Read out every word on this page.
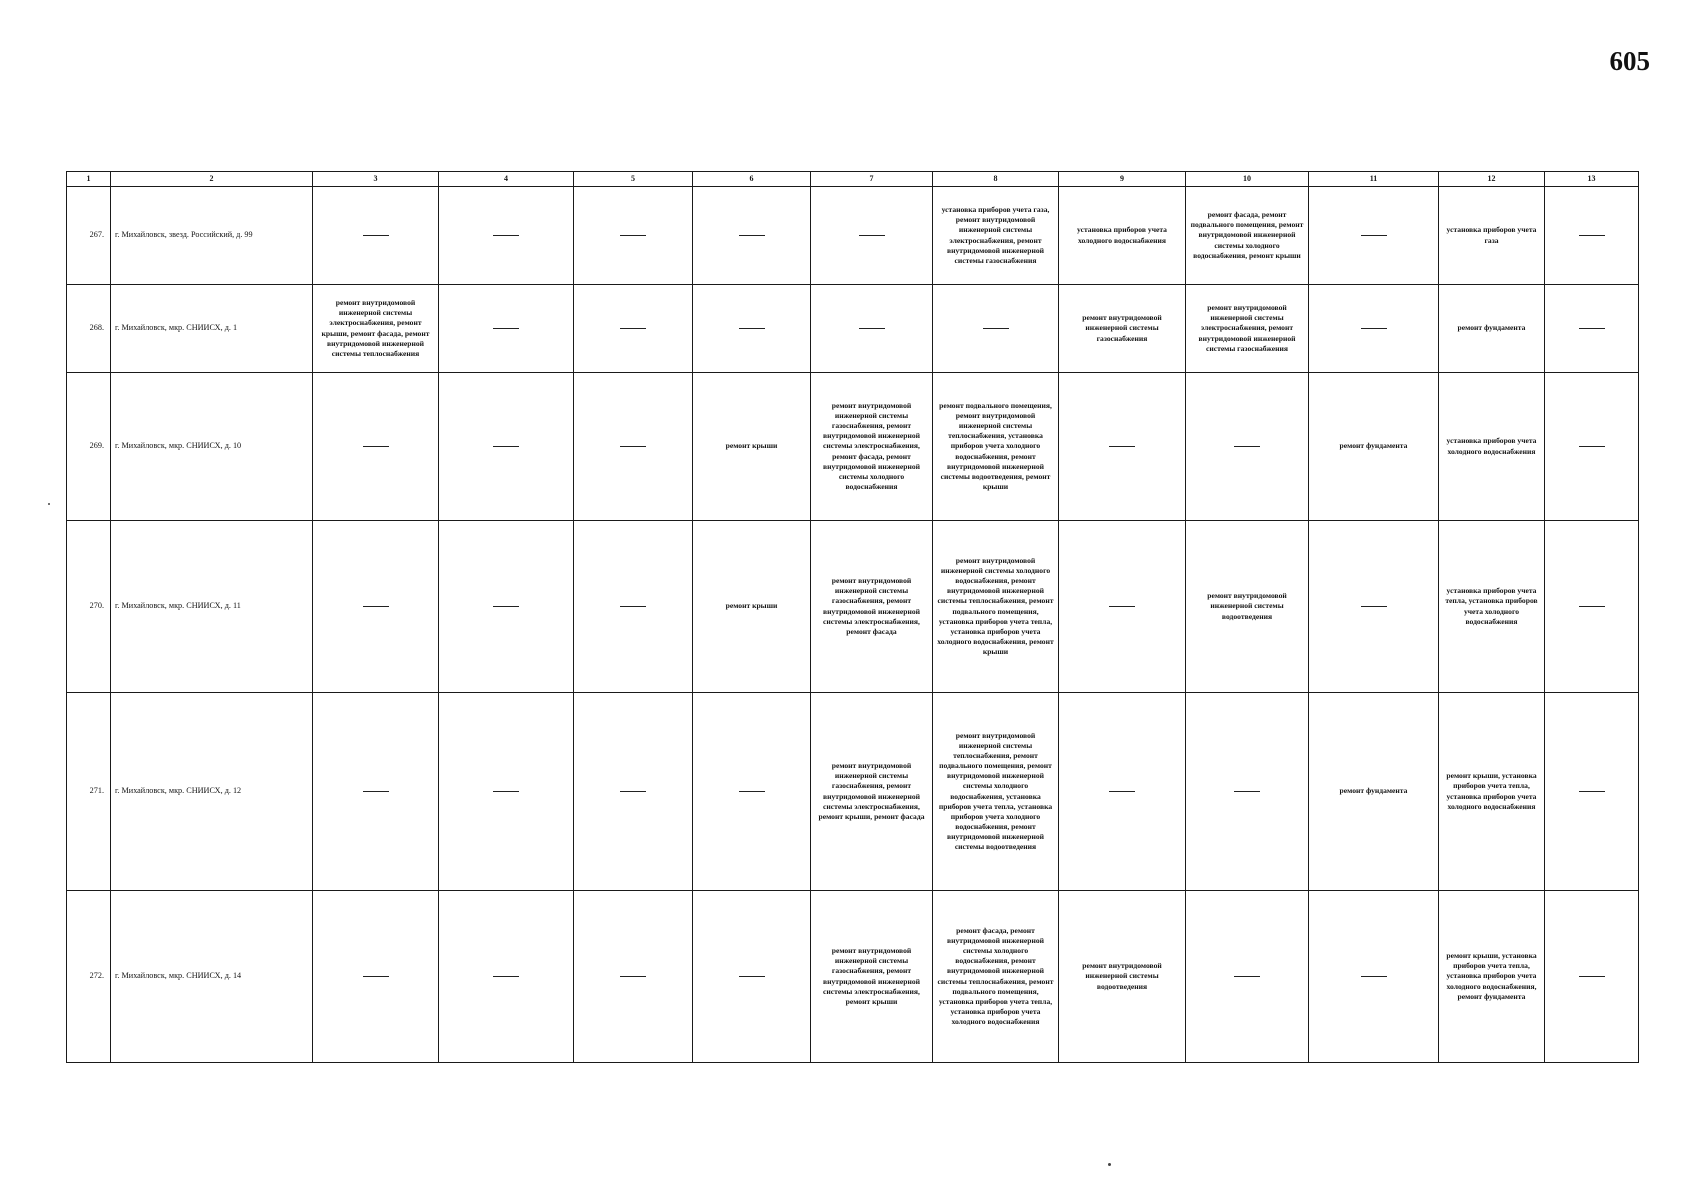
605
1	2	3	4	5	6	7	8	9	10	11	12	13
267.	г. Михайловск, звезд. Российский, д. 99						установка приборов учета газа, ремонт внутридомовой инженерной системы электроснабжения, ремонт внутридомовой инженерной системы газоснабжения	установка приборов учета холодного водоснабжения	ремонт фасада, ремонт подвального помещения, ремонт внутридомовой инженерной системы холодного водоснабжения, ремонт крыши		установка приборов учета газа	
268.	г. Михайловск, мкр. СНИИСХ, д. 1	ремонт внутридомовой инженерной системы электроснабжения, ремонт крыши, ремонт фасада, ремонт внутридомовой инженерной системы теплоснабжения						ремонт внутридомовой инженерной системы газоснабжения	ремонт внутридомовой инженерной системы электроснабжения, ремонт внутридомовой инженерной системы газоснабжения		ремонт фундамента	
269.	г. Михайловск, мкр. СНИИСХ, д. 10				ремонт крыши	ремонт внутридомовой инженерной системы газоснабжения, ремонт внутридомовой инженерной системы электроснабжения, ремонт фасада, ремонт внутридомовой инженерной системы холодного водоснабжения	ремонт подвального помещения, ремонт внутридомовой инженерной системы теплоснабжения, установка приборов учета холодного водоснабжения, ремонт внутридомовой инженерной системы водоотведения, ремонт крыши			ремонт фундамента	установка приборов учета холодного водоснабжения	
270.	г. Михайловск, мкр. СНИИСХ, д. 11				ремонт крыши	ремонт внутридомовой инженерной системы газоснабжения, ремонт внутридомовой инженерной системы электроснабжения, ремонт фасада	ремонт внутридомовой инженерной системы холодного водоснабжения, ремонт внутридомовой инженерной системы теплоснабжения, ремонт подвального помещения, установка приборов учета тепла, установка приборов учета холодного водоснабжения, ремонт крыши		ремонт внутридомовой инженерной системы водоотведения		установка приборов учета тепла, установка приборов учета холодного водоснабжения	
271.	г. Михайловск, мкр. СНИИСХ, д. 12					ремонт внутридомовой инженерной системы газоснабжения, ремонт внутридомовой инженерной системы электроснабжения, ремонт крыши, ремонт фасада	ремонт внутридомовой инженерной системы теплоснабжения, ремонт подвального помещения, ремонт внутридомовой инженерной системы холодного водоснабжения, установка приборов учета тепла, установка приборов учета холодного водоснабжения, ремонт внутридомовой инженерной системы водоотведения			ремонт фундамента	ремонт крыши, установка приборов учета тепла, установка приборов учета холодного водоснабжения	
272.	г. Михайловск, мкр. СНИИСХ, д. 14					ремонт внутридомовой инженерной системы газоснабжения, ремонт внутридомовой инженерной системы электроснабжения, ремонт крыши	ремонт фасада, ремонт внутридомовой инженерной системы холодного водоснабжения, ремонт внутридомовой инженерной системы теплоснабжения, ремонт подвального помещения, установка приборов учета тепла, установка приборов учета холодного водоснабжения	ремонт внутридомовой инженерной системы водоотведения			ремонт крыши, установка приборов учета тепла, установка приборов учета холодного водоснабжения, ремонт фундамента	
